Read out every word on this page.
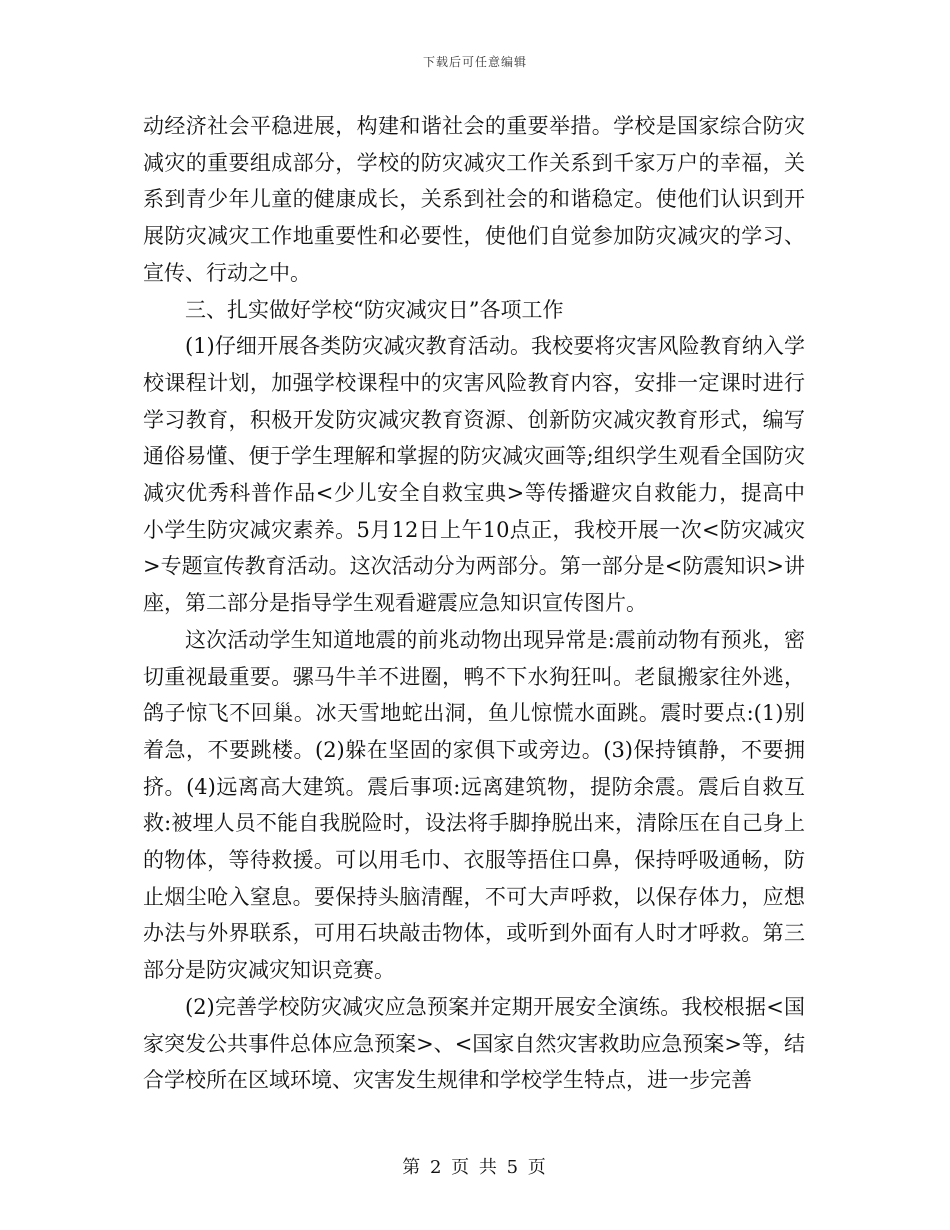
下载后可任意编辑

动经济社会平稳进展，构建和谐社会的重要举措。学校是国家综合防灾减灾的重要组成部分，学校的防灾减灾工作关系到千家万户的幸福，关系到青少年儿童的健康成长，关系到社会的和谐稳定。使他们认识到开展防灾减灾工作地重要性和必要性，使他们自觉参加防灾减灾的学习、宣传、行动之中。

三、扎实做好学校“防灾减灾日”各项工作

(1)仔细开展各类防灾减灾教育活动。我校要将灾害风险教育纳入学校课程计划，加强学校课程中的灾害风险教育内容，安排一定课时进行学习教育，积极开发防灾减灾教育资源、创新防灾减灾教育形式，编写通俗易懂、便于学生理解和掌握的防灾减灾画等;组织学生观看全国防灾减灾优秀科普作品<少儿安全自救宝典>等传播避灾自救能力，提高中小学生防灾减灾素养。5月12日上午10点正，我校开展一次<防灾减灾>专题宣传教育活动。这次活动分为两部分。第一部分是<防震知识>讲座，第二部分是指导学生观看避震应急知识宣传图片。

这次活动学生知道地震的前兆动物出现异常是:震前动物有预兆，密切重视最重要。骡马牛羊不进圈，鸭不下水狗狂叫。老鼠搬家往外逃，鸽子惊飞不回巢。冰天雪地蛇出洞，鱼儿惊慌水面跳。震时要点:(1)别着急，不要跳楼。(2)躲在坚固的家俱下或旁边。(3)保持镇静，不要拥挤。(4)远离高大建筑。震后事项:远离建筑物，提防余震。震后自救互救:被埋人员不能自我脱险时，设法将手脚挣脱出来，清除压在自己身上的物体，等待救援。可以用毛巾、衣服等捂住口鼻，保持呼吸通畅，防止烟尘呛入窒息。要保持头脑清醒，不可大声呼救，以保存体力，应想办法与外界联系，可用石块敲击物体，或听到外面有人时才呼救。第三部分是防灾减灾知识竞赛。

(2)完善学校防灾减灾应急预案并定期开展安全演练。我校根据<国家突发公共事件总体应急预案>、<国家自然灾害救助应急预案>等，结合学校所在区域环境、灾害发生规律和学校学生特点，进一步完善

第 2 页 共 5 页
